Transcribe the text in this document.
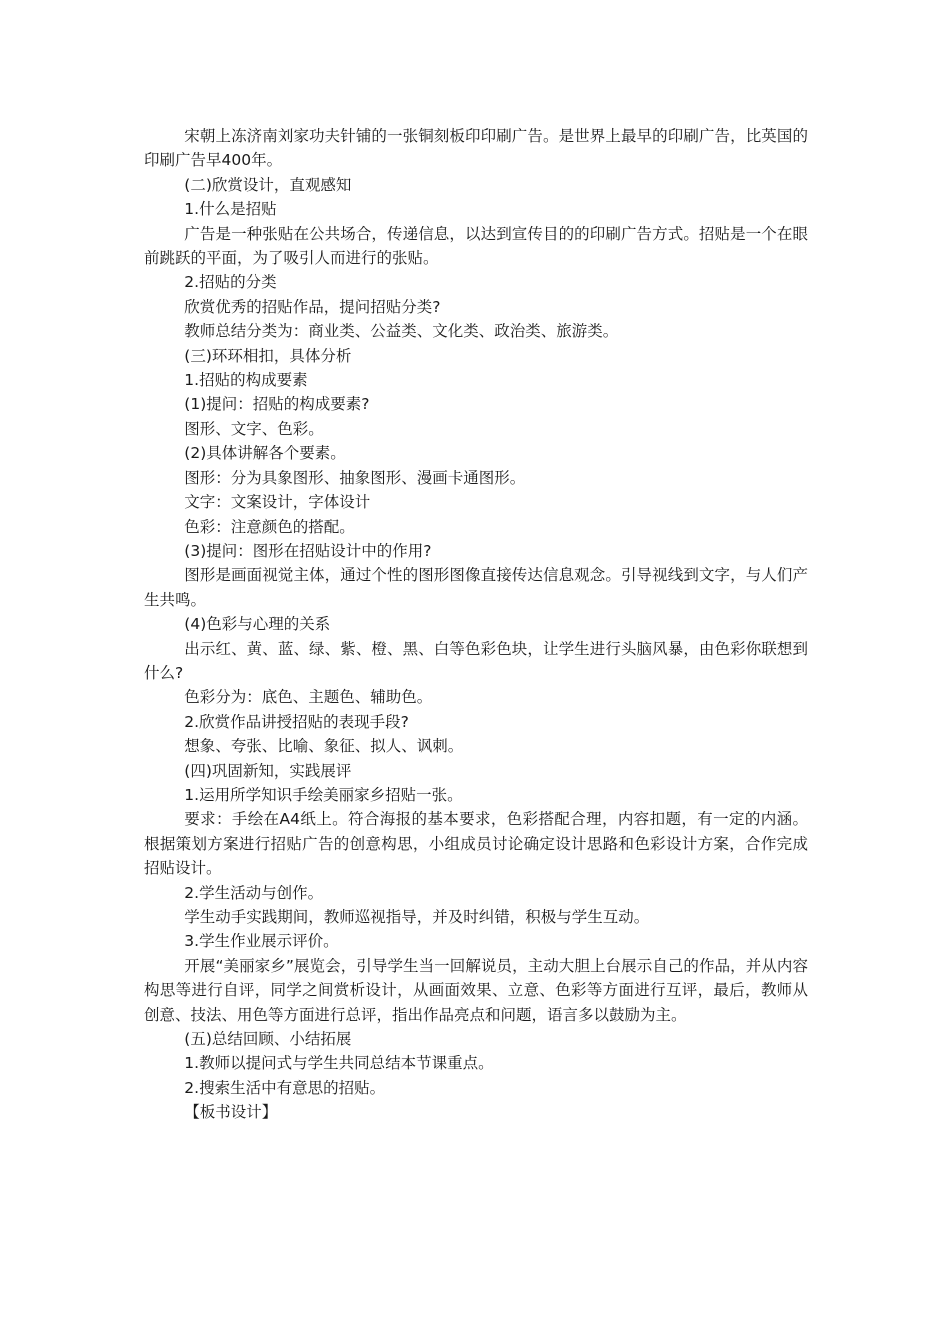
宋朝上冻济南刘家功夫针铺的一张铜刻板印印刷广告。是世界上最早的印刷广告，比英国的印刷广告早400年。

(二)欣赏设计，直观感知

1.什么是招贴

广告是一种张贴在公共场合，传递信息，以达到宣传目的的印刷广告方式。招贴是一个在眼前跳跃的平面，为了吸引人而进行的张贴。

2.招贴的分类

欣赏优秀的招贴作品，提问招贴分类?

教师总结分类为：商业类、公益类、文化类、政治类、旅游类。

(三)环环相扣，具体分析

1.招贴的构成要素

(1)提问：招贴的构成要素?

图形、文字、色彩。

(2)具体讲解各个要素。

图形：分为具象图形、抽象图形、漫画卡通图形。

文字：文案设计，字体设计

色彩：注意颜色的搭配。

(3)提问：图形在招贴设计中的作用?

图形是画面视觉主体，通过个性的图形图像直接传达信息观念。引导视线到文字，与人们产生共鸣。

(4)色彩与心理的关系

出示红、黄、蓝、绿、紫、橙、黑、白等色彩色块，让学生进行头脑风暴，由色彩你联想到什么?

色彩分为：底色、主题色、辅助色。

2.欣赏作品讲授招贴的表现手段?

想象、夸张、比喻、象征、拟人、讽刺。

(四)巩固新知，实践展评

1.运用所学知识手绘美丽家乡招贴一张。

要求：手绘在A4纸上。符合海报的基本要求，色彩搭配合理，内容扣题，有一定的内涵。根据策划方案进行招贴广告的创意构思，小组成员讨论确定设计思路和色彩设计方案，合作完成招贴设计。

2.学生活动与创作。

学生动手实践期间，教师巡视指导，并及时纠错，积极与学生互动。

3.学生作业展示评价。

开展“美丽家乡”展览会，引导学生当一回解说员，主动大胆上台展示自己的作品，并从内容构思等进行自评，同学之间赏析设计，从画面效果、立意、色彩等方面进行互评，最后，教师从创意、技法、用色等方面进行总评，指出作品亮点和问题，语言多以鼓励为主。

(五)总结回顾、小结拓展

1.教师以提问式与学生共同总结本节课重点。

2.搜索生活中有意思的招贴。

【板书设计】
